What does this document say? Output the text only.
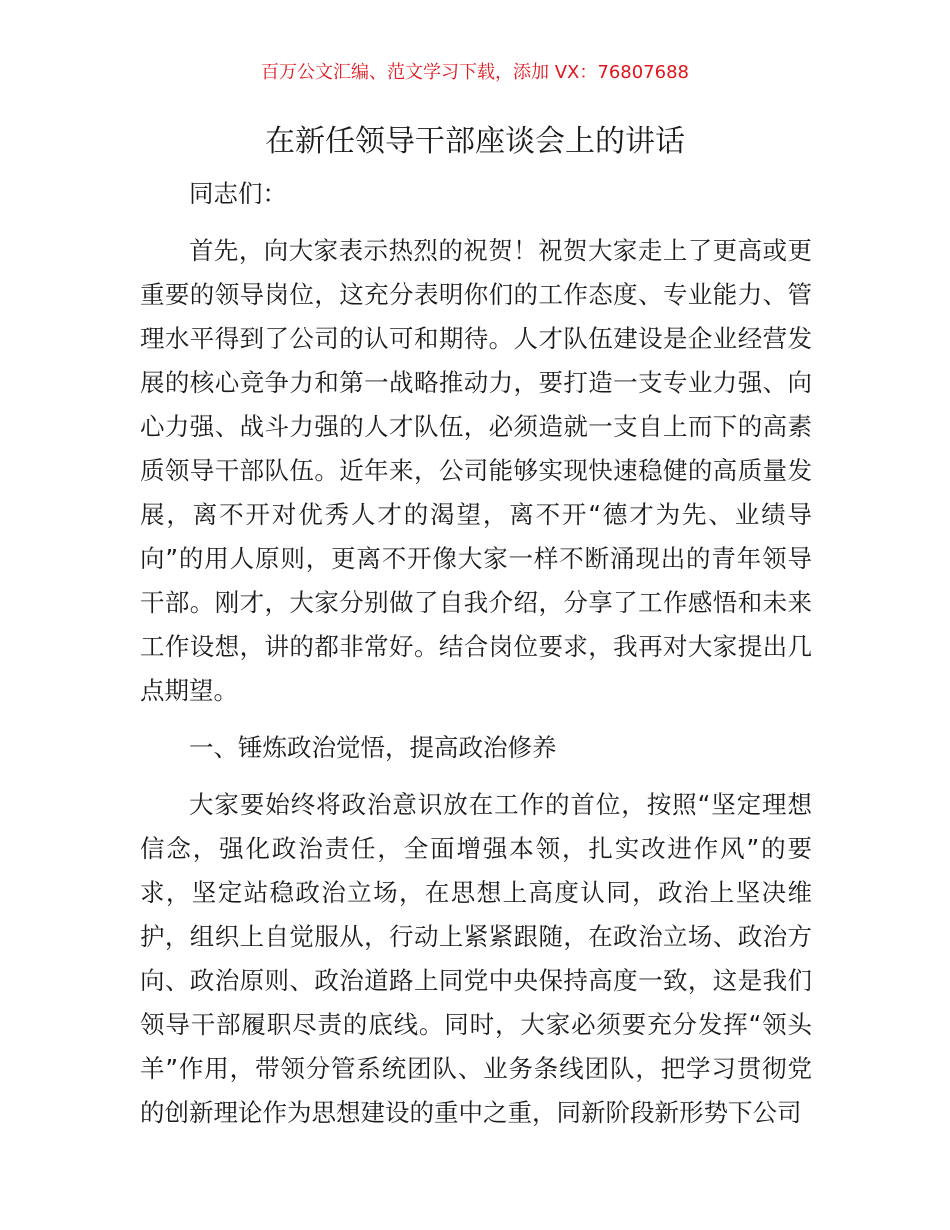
百万公文汇编、范文学习下载，添加 VX：76807688
在新任领导干部座谈会上的讲话

同志们：

首先，向大家表示热烈的祝贺！祝贺大家走上了更高或更重要的领导岗位，这充分表明你们的工作态度、专业能力、管理水平得到了公司的认可和期待。人才队伍建设是企业经营发展的核心竞争力和第一战略推动力，要打造一支专业力强、向心力强、战斗力强的人才队伍，必须造就一支自上而下的高素质领导干部队伍。近年来，公司能够实现快速稳健的高质量发展，离不开对优秀人才的渴望，离不开“德才为先、业绩导向”的用人原则，更离不开像大家一样不断涌现出的青年领导干部。刚才，大家分别做了自我介绍，分享了工作感悟和未来工作设想，讲的都非常好。结合岗位要求，我再对大家提出几点期望。

一、锤炼政治觉悟，提高政治修养

大家要始终将政治意识放在工作的首位，按照“坚定理想信念，强化政治责任，全面增强本领，扎实改进作风”的要求，坚定站稳政治立场，在思想上高度认同，政治上坚决维护，组织上自觉服从，行动上紧紧跟随，在政治立场、政治方向、政治原则、政治道路上同党中央保持高度一致，这是我们领导干部履职尽责的底线。同时，大家必须要充分发挥“领头羊”作用，带领分管系统团队、业务条线团队，把学习贯彻党的创新理论作为思想建设的重中之重，同新阶段新形势下公司
